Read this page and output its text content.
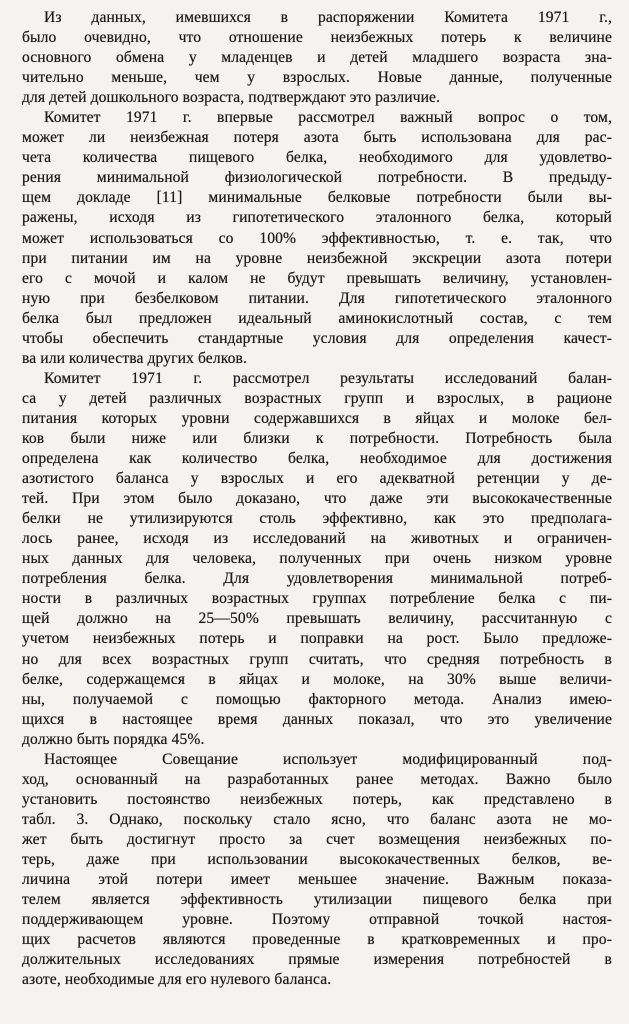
Из данных, имевшихся в распоряжении Комитета 1971 г.,
было очевидно, что отношение неизбежных потерь к величине
основного обмена у младенцев и детей младшего возраста зна-
чительно меньше, чем у взрослых. Новые данные, полученные
для детей дошкольного возраста, подтверждают это различие.
Комитет 1971 г. впервые рассмотрел важный вопрос о том,
может ли неизбежная потеря азота быть использована для рас-
чета количества пищевого белка, необходимого для удовлетво-
рения минимальной физиологической потребности. В предыду-
щем докладе [11] минимальные белковые потребности были вы-
ражены, исходя из гипотетического эталонного белка, который
может использоваться со 100% эффективностью, т. е. так, что
при питании им на уровне неизбежной экскреции азота потери
его с мочой и калом не будут превышать величину, установлен-
ную при безбелковом питании. Для гипотетического эталонного
белка был предложен идеальный аминокислотный состав, с тем
чтобы обеспечить стандартные условия для определения качест-
ва или количества других белков.
Комитет 1971 г. рассмотрел результаты исследований балан-
са у детей различных возрастных групп и взрослых, в рационе
питания которых уровни содержавшихся в яйцах и молоке бел-
ков были ниже или близки к потребности. Потребность была
определена как количество белка, необходимое для достижения
азотистого баланса у взрослых и его адекватной ретенции у де-
тей. При этом было доказано, что даже эти высококачественные
белки не утилизируются столь эффективно, как это предполага-
лось ранее, исходя из исследований на животных и ограничен-
ных данных для человека, полученных при очень низком уровне
потребления белка. Для удовлетворения минимальной потреб-
ности в различных возрастных группах потребление белка с пи-
щей должно на 25—50% превышать величину, рассчитанную с
учетом неизбежных потерь и поправки на рост. Было предложе-
но для всех возрастных групп считать, что средняя потребность в
белке, содержащемся в яйцах и молоке, на 30% выше величи-
ны, получаемой с помощью факторного метода. Анализ имею-
щихся в настоящее время данных показал, что это увеличение
должно быть порядка 45%.
Настоящее Совещание использует модифицированный под-
ход, основанный на разработанных ранее методах. Важно было
установить постоянство неизбежных потерь, как представлено в
табл. 3. Однако, поскольку стало ясно, что баланс азота не мо-
жет быть достигнут просто за счет возмещения неизбежных по-
терь, даже при использовании высококачественных белков, ве-
личина этой потери имеет меньшее значение. Важным показа-
телем является эффективность утилизации пищевого белка при
поддерживающем уровне. Поэтому отправной точкой настоя-
щих расчетов являются проведенные в кратковременных и про-
должительных исследованиях прямые измерения потребностей в
азоте, необходимые для его нулевого баланса.
